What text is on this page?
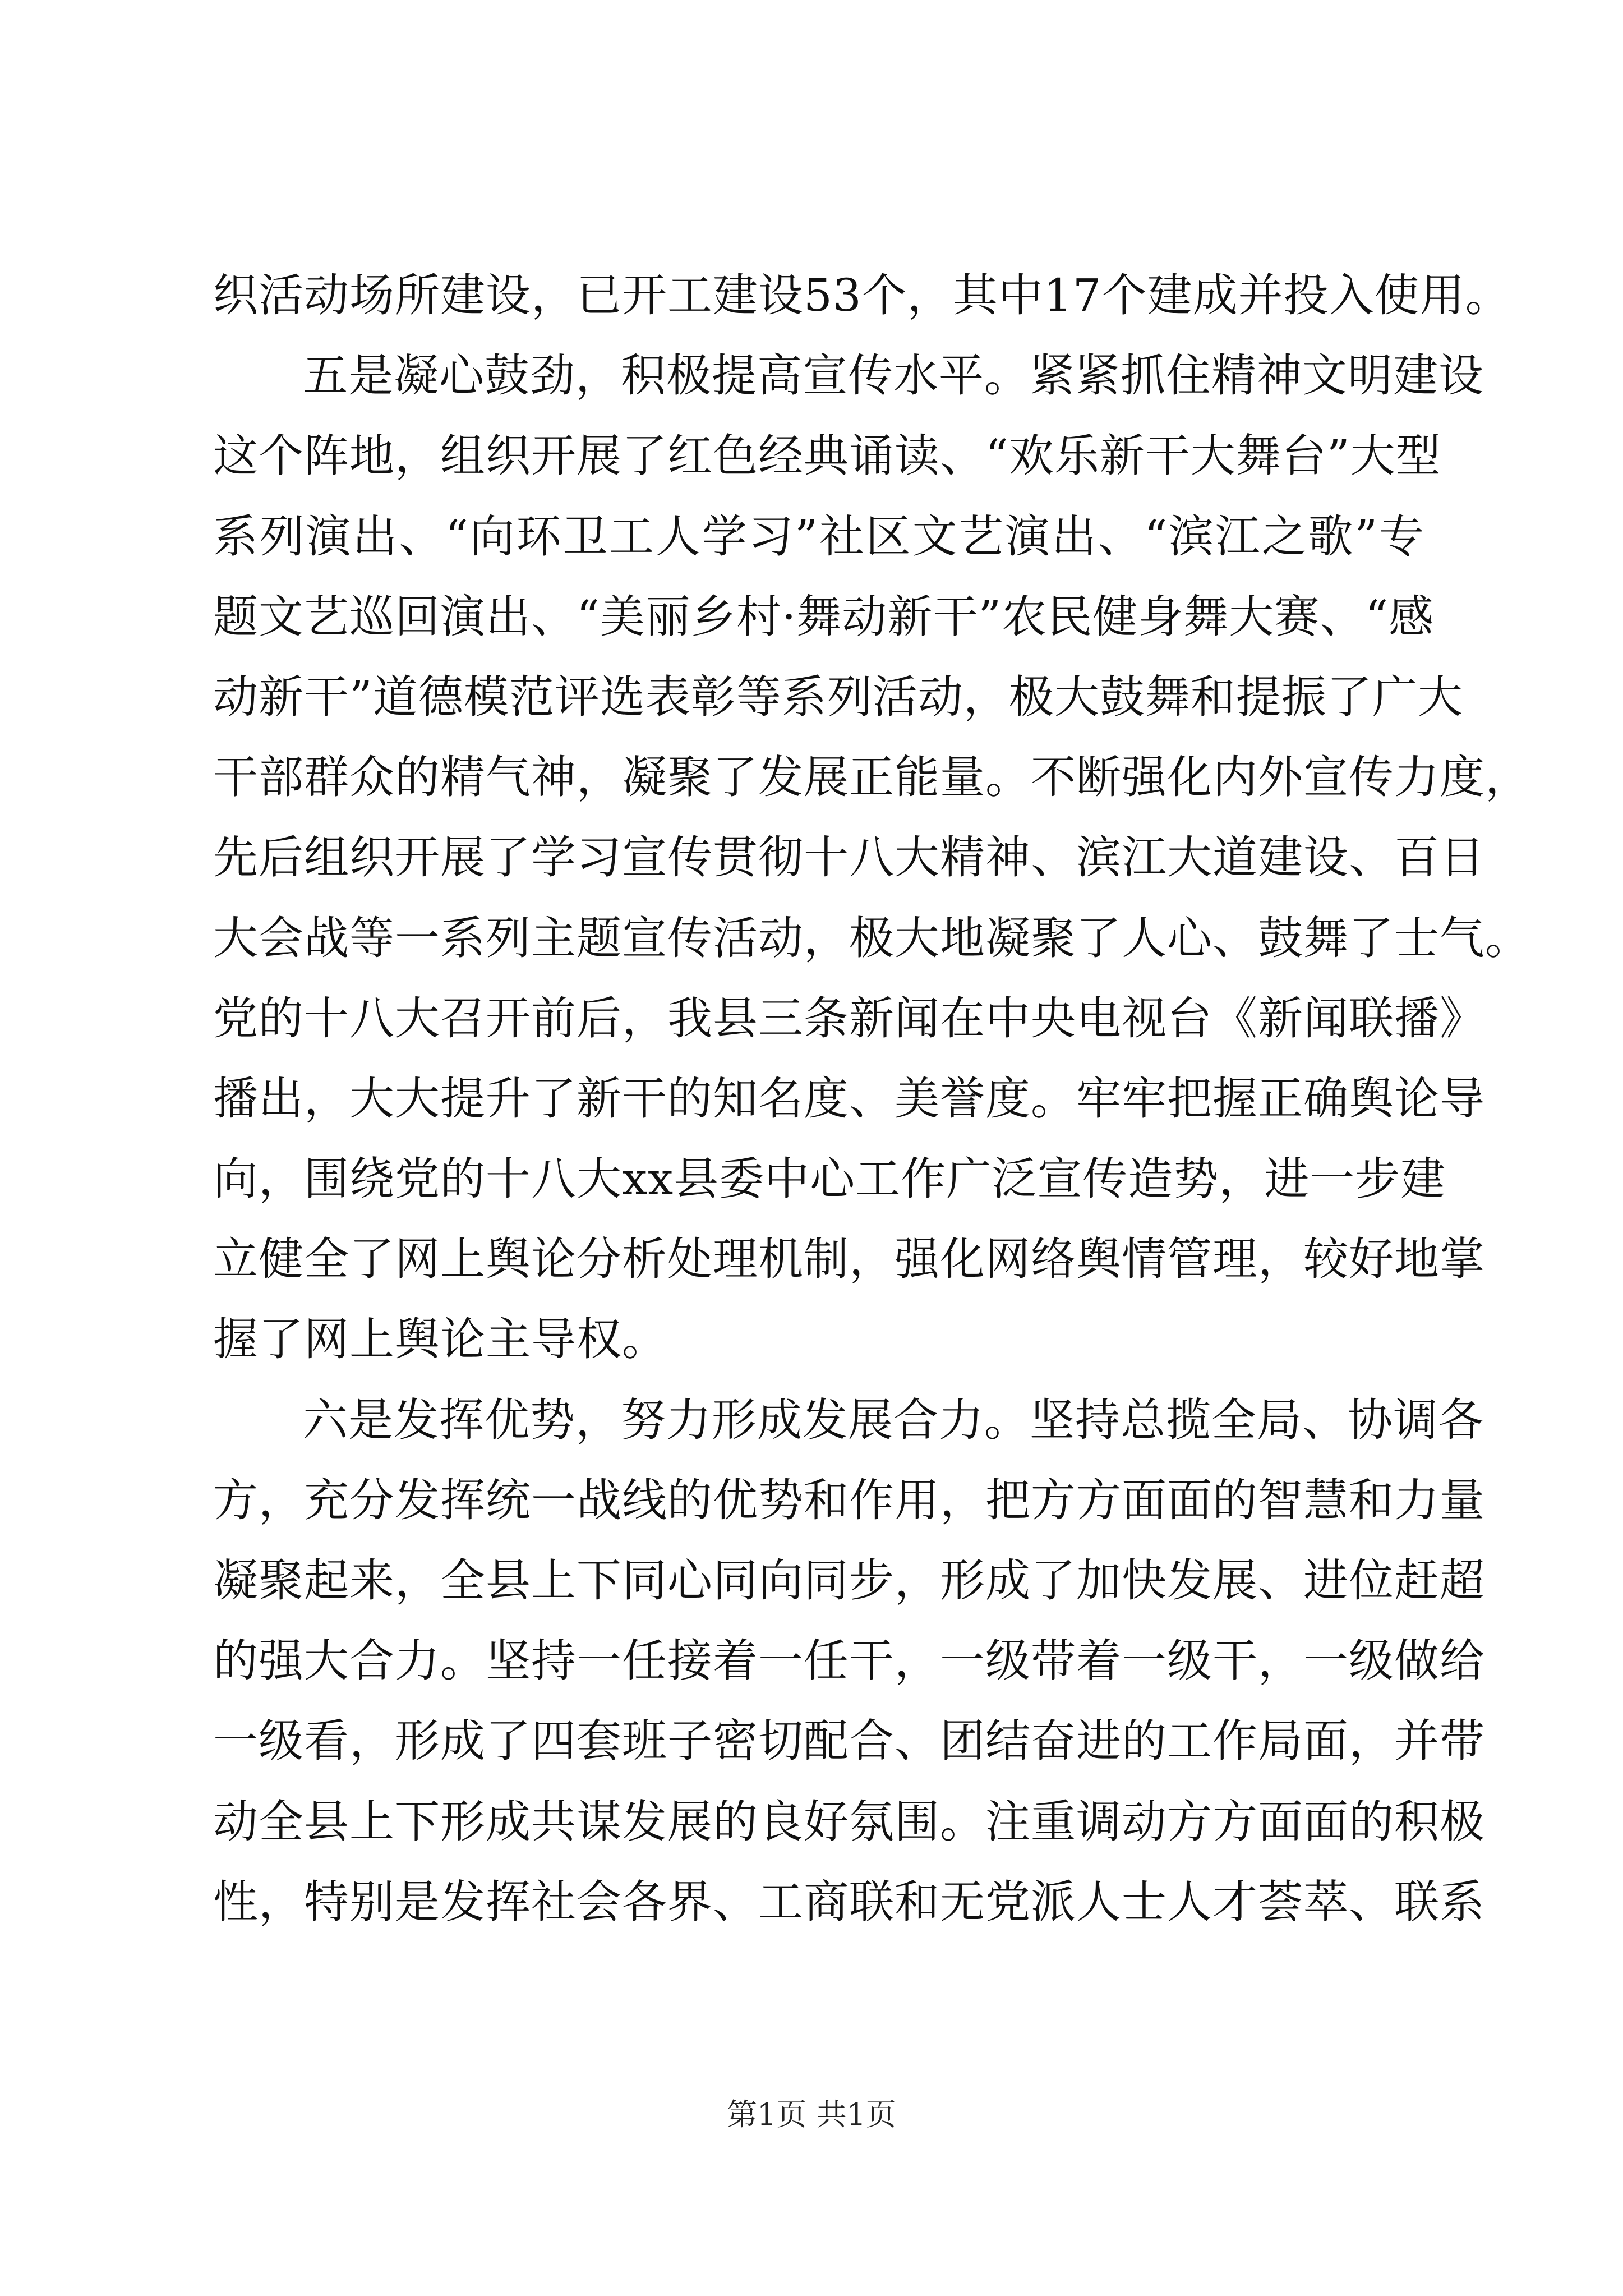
织活动场所建设，已开工建设53个，其中17个建成并投入使用。
五是凝心鼓劲，积极提高宣传水平。紧紧抓住精神文明建设
这个阵地，组织开展了红色经典诵读、“欢乐新干大舞台”大型
系列演出、“向环卫工人学习”社区文艺演出、“滨江之歌”专
题文艺巡回演出、“美丽乡村·舞动新干”农民健身舞大赛、“感
动新干”道德模范评选表彰等系列活动，极大鼓舞和提振了广大
干部群众的精气神，凝聚了发展正能量。不断强化内外宣传力度，
先后组织开展了学习宣传贯彻十八大精神、滨江大道建设、百日
大会战等一系列主题宣传活动，极大地凝聚了人心、鼓舞了士气。
党的十八大召开前后，我县三条新闻在中央电视台《新闻联播》
播出，大大提升了新干的知名度、美誉度。牢牢把握正确舆论导
向，围绕党的十八大xx县委中心工作广泛宣传造势，进一步建
立健全了网上舆论分析处理机制，强化网络舆情管理，较好地掌
握了网上舆论主导权。
六是发挥优势，努力形成发展合力。坚持总揽全局、协调各
方，充分发挥统一战线的优势和作用，把方方面面的智慧和力量
凝聚起来，全县上下同心同向同步，形成了加快发展、进位赶超
的强大合力。坚持一任接着一任干，一级带着一级干，一级做给
一级看，形成了四套班子密切配合、团结奋进的工作局面，并带
动全县上下形成共谋发展的良好氛围。注重调动方方面面的积极
性，特别是发挥社会各界、工商联和无党派人士人才荟萃、联系
第1页 共1页
